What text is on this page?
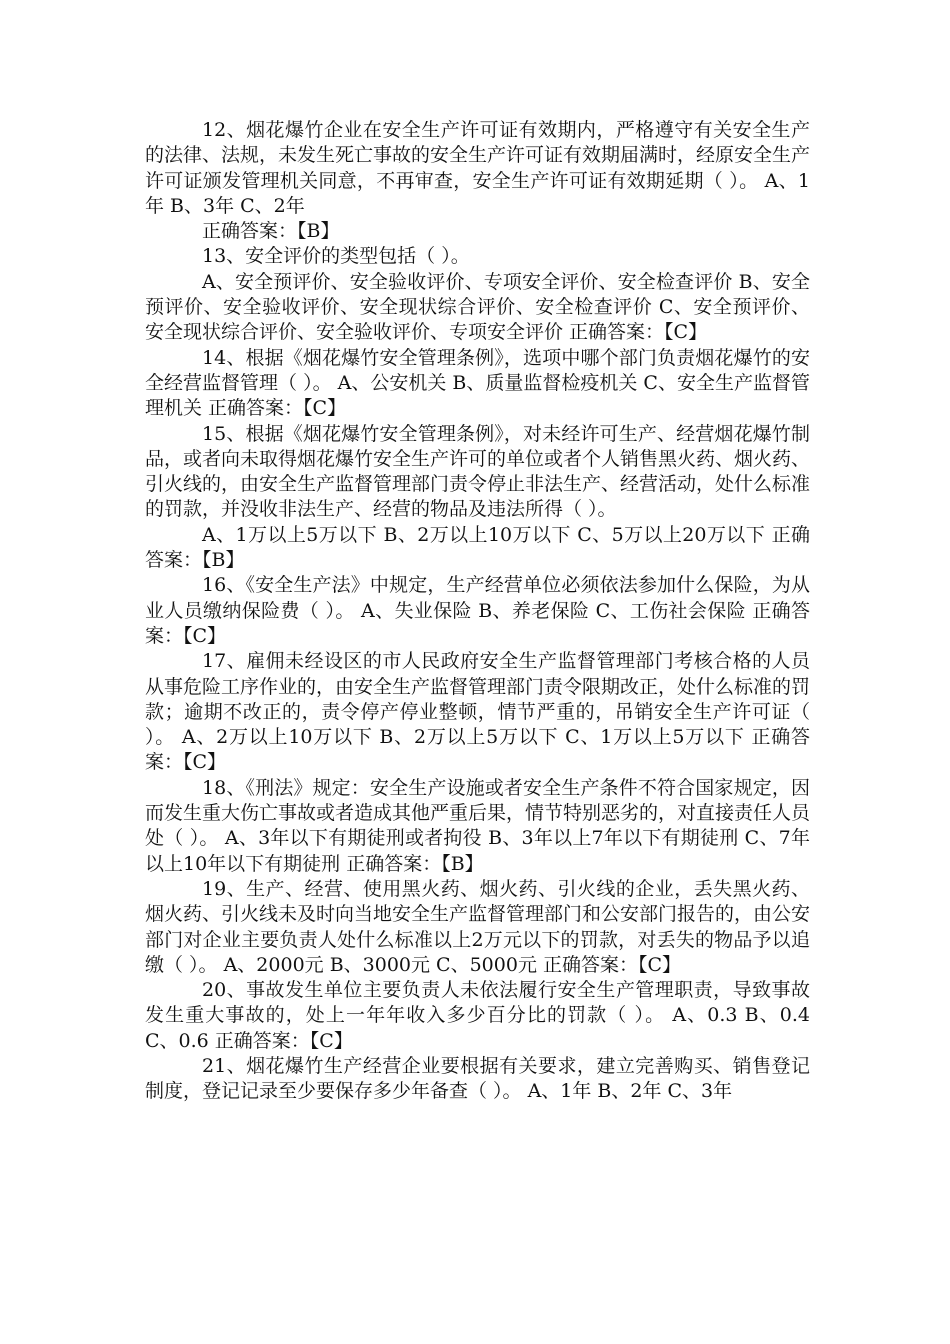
12、烟花爆竹企业在安全生产许可证有效期内，严格遵守有关安全生产的法律、法规，未发生死亡事故的安全生产许可证有效期届满时，经原安全生产许可证颁发管理机关同意，不再审查，安全生产许可证有效期延期（ ）。 A、1年 B、3年 C、2年

正确答案：【B】

13、安全评价的类型包括（ ）。

A、安全预评价、安全验收评价、专项安全评价、安全检查评价 B、安全预评价、安全验收评价、安全现状综合评价、安全检查评价 C、安全预评价、安全现状综合评价、安全验收评价、专项安全评价 正确答案：【C】

14、根据《烟花爆竹安全管理条例》，选项中哪个部门负责烟花爆竹的安全经营监督管理（ ）。 A、公安机关 B、质量监督检疫机关 C、安全生产监督管理机关 正确答案：【C】

15、根据《烟花爆竹安全管理条例》，对未经许可生产、经营烟花爆竹制品，或者向未取得烟花爆竹安全生产许可的单位或者个人销售黑火药、烟火药、引火线的，由安全生产监督管理部门责令停止非法生产、经营活动，处什么标准的罚款，并没收非法生产、经营的物品及违法所得（ ）。

A、1万以上5万以下 B、2万以上10万以下 C、5万以上20万以下 正确答案：【B】

16、《安全生产法》中规定，生产经营单位必须依法参加什么保险，为从业人员缴纳保险费（ ）。 A、失业保险 B、养老保险 C、工伤社会保险 正确答案：【C】

17、雇佣未经设区的市人民政府安全生产监督管理部门考核合格的人员从事危险工序作业的，由安全生产监督管理部门责令限期改正，处什么标准的罚款；逾期不改正的，责令停产停业整顿，情节严重的，吊销安全生产许可证（ ）。 A、2万以上10万以下 B、2万以上5万以下 C、1万以上5万以下 正确答案：【C】

18、《刑法》规定：安全生产设施或者安全生产条件不符合国家规定，因而发生重大伤亡事故或者造成其他严重后果，情节特别恶劣的，对直接责任人员处（ ）。 A、3年以下有期徒刑或者拘役 B、3年以上7年以下有期徒刑 C、7年以上10年以下有期徒刑 正确答案：【B】

19、生产、经营、使用黑火药、烟火药、引火线的企业，丢失黑火药、烟火药、引火线未及时向当地安全生产监督管理部门和公安部门报告的，由公安部门对企业主要负责人处什么标准以上2万元以下的罚款，对丢失的物品予以追缴（ ）。 A、2000元 B、3000元 C、5000元 正确答案：【C】

20、事故发生单位主要负责人未依法履行安全生产管理职责，导致事故发生重大事故的，处上一年年收入多少百分比的罚款（ ）。 A、0.3 B、0.4 C、0.6 正确答案：【C】

21、烟花爆竹生产经营企业要根据有关要求，建立完善购买、销售登记制度，登记记录至少要保存多少年备查（ ）。 A、1年 B、2年 C、3年
